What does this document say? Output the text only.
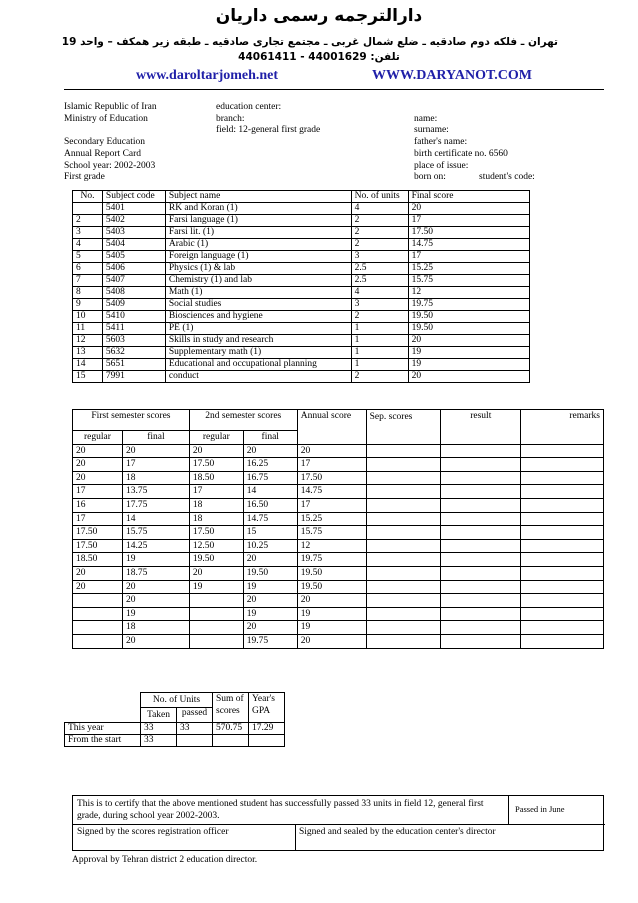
دارالترجمه رسمی داریان
تهران ـ فلکه دوم صادقیه ـ ضلع شمال غربی ـ مجتمع تجاری صادقیه ـ طبقه زیر همکف – واحد 19
44061411 - 44001629 تلفن:
www.daroltarjomeh.net	WWW.DARYANOT.COM
Islamic Republic of Iran
Ministry of Education

Secondary Education
Annual Report Card
School year: 2002-2003
First grade
education center:
branch:
field: 12-general first grade
name:
surname:
father's name:
birth certificate no. 6560
place of issue:
born on:	student's code:
No.	Subject code	Subject name	No. of units	Final score
	5401	RK and Koran (1)	4	20
2	5402	Farsi language (1)	2	17
3	5403	Farsi lit. (1)	2	17.50
4	5404	Arabic (1)	2	14.75
5	5405	Foreign language (1)	3	17
6	5406	Physics (1) & lab	2.5	15.25
7	5407	Chemistry (1) and lab	2.5	15.75
8	5408	Math (1)	4	12
9	5409	Social studies	3	19.75
10	5410	Biosciences and hygiene	2	19.50
11	5411	PE (1)	1	19.50
12	5603	Skills in study and research	1	20
13	5632	Supplementary math (1)	1	19
14	5651	Educational and occupational planning	1	19
15	7991	conduct	2	20
First semester scores		2nd semester scores		Annual score	Sep. scores	result	remarks
regular	final	regular	final				
20	20	20	20	20			
20	17	17.50	16.25	17			
20	18	18.50	16.75	17.50			
17	13.75	17	14	14.75			
16	17.75	18	16.50	17			
17	14	18	14.75	15.25			
17.50	15.75	17.50	15	15.75			
17.50	14.25	12.50	10.25	12			
18.50	19	19.50	20	19.75			
20	18.75	20	19.50	19.50			
20	20	19	19	19.50			
	20		20	20			
	19		19	19			
	18		20	19			
	20		19.75	20			
	No. of Units		Sum of scores	Year's GPA
	Taken	passed		
This year	33	33	570.75	17.29
From the start	33			
This is to certify that the above mentioned student has successfully passed 33 units in field 12, general first grade, during school year 2002-2003.
Passed in June
Signed by the scores registration officer	Signed and sealed by the education center's director
Approval by Tehran district 2 education director.
